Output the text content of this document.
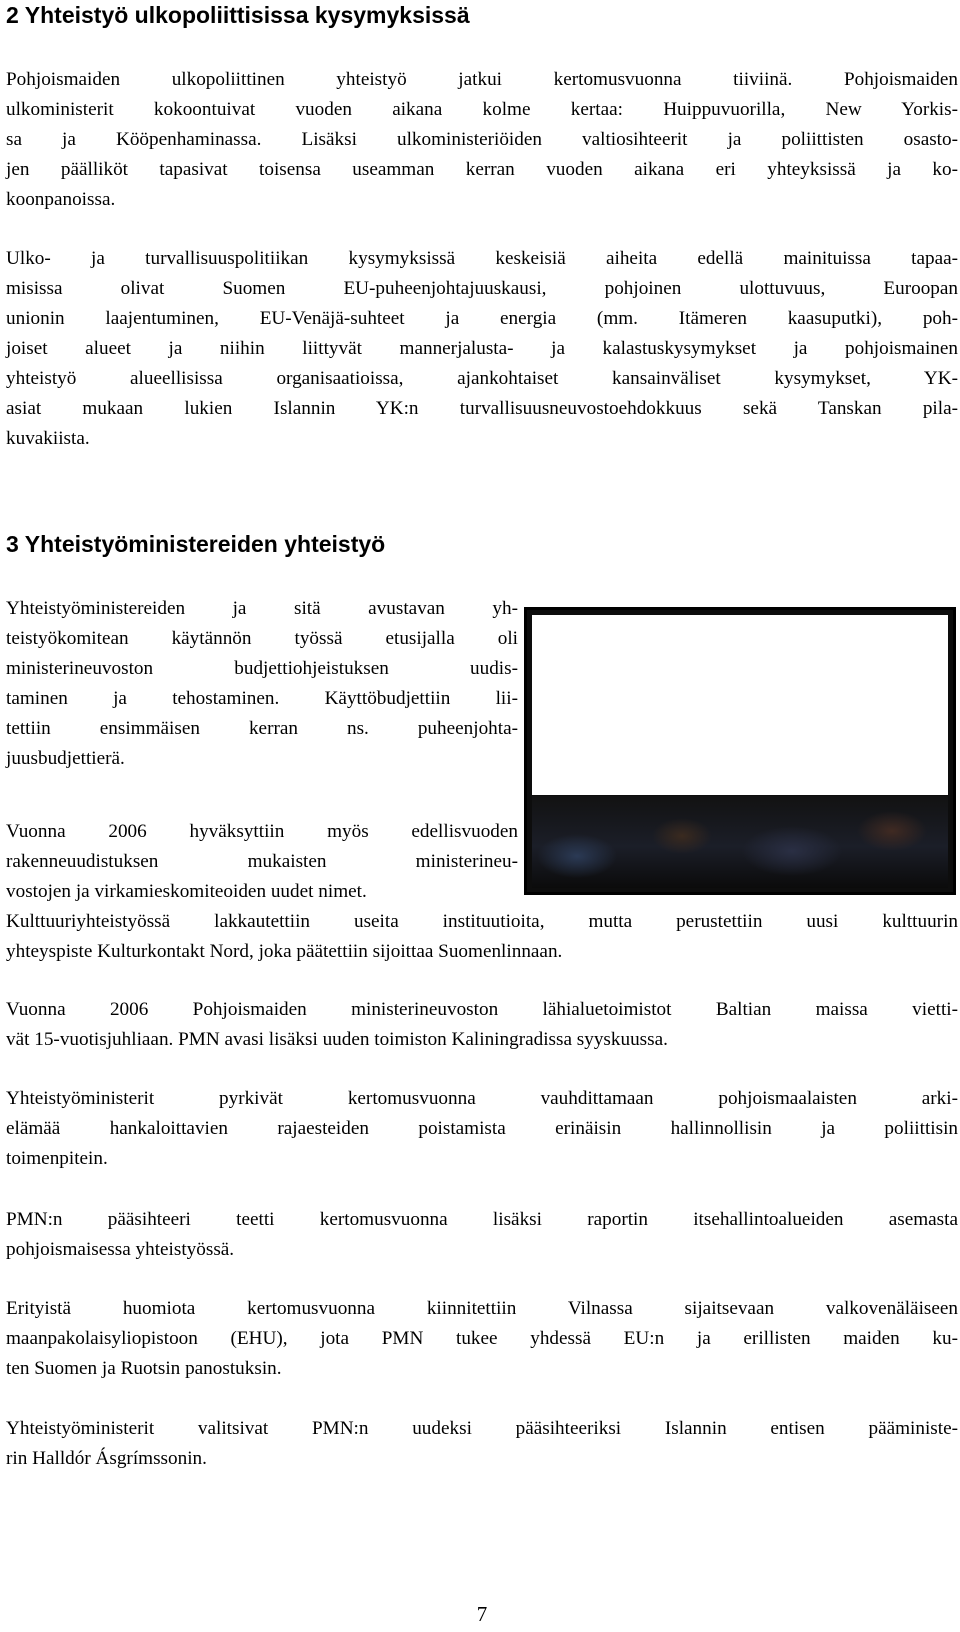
2 Yhteistyö ulkopoliittisissa kysymyksissä
Pohjoismaiden ulkopoliittinen yhteistyö jatkui kertomusvuonna tiiviinä. Pohjoismaiden
ulkoministerit kokoontuivat vuoden aikana kolme kertaa: Huippuvuorilla, New Yorkis-
sa ja Kööpenhaminassa. Lisäksi ulkoministeriöiden valtiosihteerit ja poliittisten osasto-
jen päälliköt tapasivat toisensa useamman kerran vuoden aikana eri yhteyksissä ja ko-
koonpanoissa.
Ulko- ja turvallisuuspolitiikan kysymyksissä keskeisiä aiheita edellä mainituissa tapaa-
misissa olivat Suomen EU-puheenjohtajuuskausi, pohjoinen ulottuvuus, Euroopan
unionin laajentuminen, EU-Venäjä-suhteet ja energia (mm. Itämeren kaasuputki), poh-
joiset alueet ja niihin liittyvät mannerjalusta- ja kalastuskysymykset ja pohjoismainen
yhteistyö alueellisissa organisaatioissa, ajankohtaiset kansainväliset kysymykset, YK-
asiat mukaan lukien Islannin YK:n turvallisuusneuvostoehdokkuus sekä Tanskan pila-
kuvakiista.
3 Yhteistyöministereiden yhteistyö
Yhteistyöministereiden ja sitä avustavan yh-
teistyökomitean käytännön työssä etusijalla oli
ministerineuvoston budjettiohjeistuksen uudis-
taminen ja tehostaminen. Käyttöbudjettiin lii-
tettiin ensimmäisen kerran ns. puheenjohta-
juusbudjettierä.
Vuonna 2006 hyväksyttiin myös edellisvuoden
rakenneuudistuksen mukaisten ministerineu-
vostojen ja virkamieskomiteoiden uudet nimet.
Kulttuuriyhteistyössä lakkautettiin useita instituutioita, mutta perustettiin uusi kulttuurin
yhteyspiste Kulturkontakt Nord, joka päätettiin sijoittaa Suomenlinnaan.
Vuonna 2006 Pohjoismaiden ministerineuvoston lähialuetoimistot Baltian maissa vietti-
vät 15-vuotisjuhliaan. PMN avasi lisäksi uuden toimiston Kaliningradissa syyskuussa.
Yhteistyöministerit pyrkivät kertomusvuonna vauhdittamaan pohjoismaalaisten arki-
elämää hankaloittavien rajaesteiden poistamista erinäisin hallinnollisin ja poliittisin
toimenpitein.
PMN:n pääsihteeri teetti kertomusvuonna lisäksi raportin itsehallintoalueiden asemasta
pohjoismaisessa yhteistyössä.
Erityistä huomiota kertomusvuonna kiinnitettiin Vilnassa sijaitsevaan valkovenäläiseen
maanpakolaisyliopistoon (EHU), jota PMN tukee yhdessä EU:n ja erillisten maiden ku-
ten Suomen ja Ruotsin panostuksin.
Yhteistyöministerit valitsivat PMN:n uudeksi pääsihteeriksi Islannin entisen pääministe-
rin Halldór Ásgrímssonin.
7
